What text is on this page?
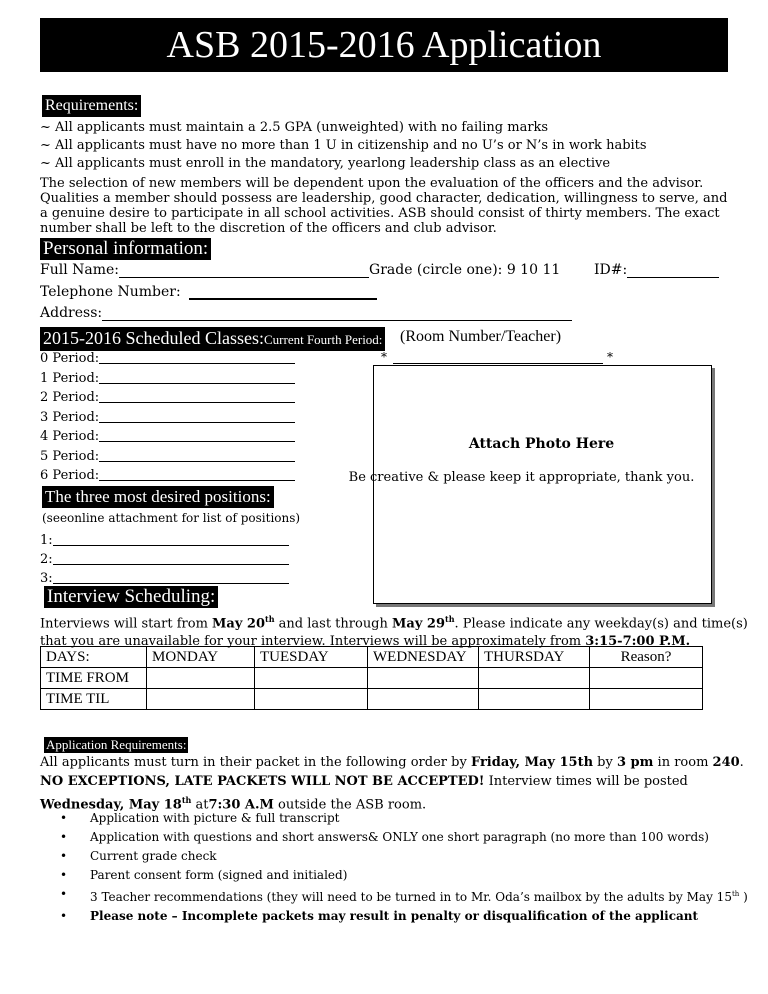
ASB 2015-2016 Application
Requirements:
~ All applicants must maintain a 2.5 GPA (unweighted) with no failing marks
~ All applicants must have no more than 1 U in citizenship and no U’s or N’s in work habits
~ All applicants must enroll in the mandatory, yearlong leadership class as an elective
The selection of new members will be dependent upon the evaluation of the officers and the advisor. Qualities a member should possess are leadership, good character, dedication, willingness to serve, and a genuine desire to participate in all school activities. ASB should consist of thirty members. The exact number shall be left to the discretion of the officers and club advisor.
Personal information:
Full Name:	Grade (circle one): 9 10 11 ID#:
Telephone Number:
Address:
2015-2016 Scheduled Classes:Current Fourth Period: (Room Number/Teacher)
*	*
0 Period:
1 Period:
2 Period:
3 Period:
4 Period:
5 Period:
6 Period:
Attach Photo Here
Be creative & please keep it appropriate, thank you.
The three most desired positions:
(seeonline attachment for list of positions)
1:
2:
3:
Interview Scheduling:
Interviews will start from May 20th and last through May 29th. Please indicate any weekday(s) and time(s)
that you are unavailable for your interview. Interviews will be approximately from 3:15-7:00 P.M.
DAYS:	MONDAY	TUESDAY	WEDNESDAY	THURSDAY	Reason?
TIME FROM					
TIME TIL					
Application Requirements:
All applicants must turn in their packet in the following order by Friday, May 15th by 3 pm in room 240.
NO EXCEPTIONS, LATE PACKETS WILL NOT BE ACCEPTED! Interview times will be posted
Wednesday, May 18th at7:30 A.M outside the ASB room.
• Application with picture & full transcript
• Application with questions and short answers& ONLY one short paragraph (no more than 100 words)
• Current grade check
• Parent consent form (signed and initialed)
• 3 Teacher recommendations (they will need to be turned in to Mr. Oda’s mailbox by the adults by May 15th )
• Please note – Incomplete packets may result in penalty or disqualification of the applicant
